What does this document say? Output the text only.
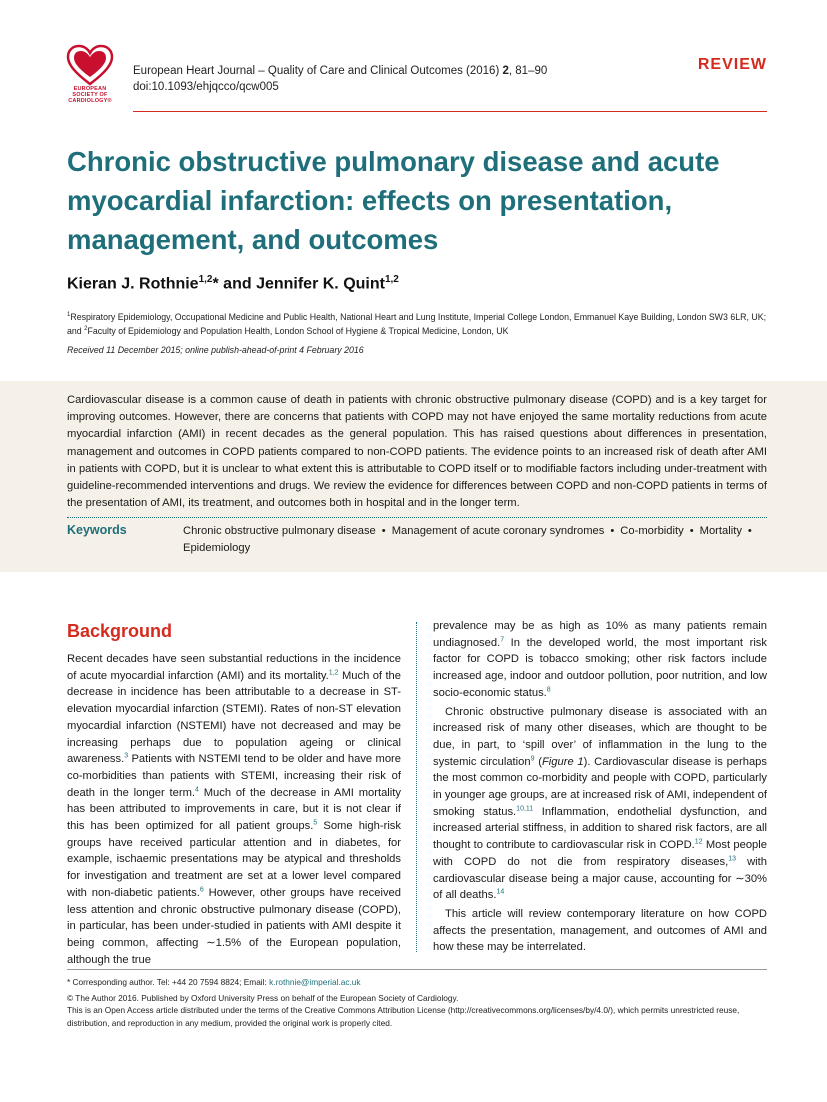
EUROPEAN
SOCIETY OF
CARDIOLOGY®
European Heart Journal – Quality of Care and Clinical Outcomes (2016) 2, 81–90
doi:10.1093/ehjqcco/qcw005
REVIEW
Chronic obstructive pulmonary disease and acute myocardial infarction: effects on presentation, management, and outcomes
Kieran J. Rothnie$^{1,2}$* and Jennifer K. Quint$^{1,2}$
$^1$Respiratory Epidemiology, Occupational Medicine and Public Health, National Heart and Lung Institute, Imperial College London, Emmanuel Kaye Building, London SW3 6LR, UK; and $^2$Faculty of Epidemiology and Population Health, London School of Hygiene & Tropical Medicine, London, UK
Received 11 December 2015; online publish-ahead-of-print 4 February 2016
Cardiovascular disease is a common cause of death in patients with chronic obstructive pulmonary disease (COPD) and is a key target for improving outcomes. However, there are concerns that patients with COPD may not have enjoyed the same mortality reductions from acute myocardial infarction (AMI) in recent decades as the general population. This has raised questions about differences in presentation, management and outcomes in COPD patients compared to non-COPD patients. The evidence points to an increased risk of death after AMI in patients with COPD, but it is unclear to what extent this is attributable to COPD itself or to modifiable factors including under-treatment with guideline-recommended interventions and drugs. We review the evidence for differences between COPD and non-COPD patients in terms of the presentation of AMI, its treatment, and outcomes both in hospital and in the longer term.
Keywords	Chronic obstructive pulmonary disease • Management of acute coronary syndromes • Co-morbidity • Mortality •
Epidemiology
Background

Recent decades have seen substantial reductions in the incidence of acute myocardial infarction (AMI) and its mortality.$^{1,2}$ Much of the decrease in incidence has been attributable to a decrease in ST-elevation myocardial infarction (STEMI). Rates of non-ST elevation myocardial infarction (NSTEMI) have not decreased and may be increasing perhaps due to population ageing or clinical awareness.$^3$ Patients with NSTEMI tend to be older and have more co-morbidities than patients with STEMI, increasing their risk of death in the longer term.$^4$ Much of the decrease in AMI mortality has been attributed to improvements in care, but it is not clear if this has been optimized for all patient groups.$^5$ Some high-risk groups have received particular attention and in diabetes, for example, ischaemic presentations may be atypical and thresholds for investigation and treatment are set at a lower level compared with non-diabetic patients.$^6$ However, other groups have received less attention and chronic obstructive pulmonary disease (COPD), in particular, has been under-studied in patients with AMI despite it being common, affecting ∼1.5% of the European population, although the true

prevalence may be as high as 10% as many patients remain undiagnosed.$^7$ In the developed world, the most important risk factor for COPD is tobacco smoking; other risk factors include increased age, indoor and outdoor pollution, poor nutrition, and low socio-economic status.$^8$

Chronic obstructive pulmonary disease is associated with an increased risk of many other diseases, which are thought to be due, in part, to ‘spill over’ of inflammation in the lung to the systemic circulation$^9$ (Figure 1). Cardiovascular disease is perhaps the most common co-morbidity and people with COPD, particularly in younger age groups, are at increased risk of AMI, independent of smoking status.$^{10,11}$ Inflammation, endothelial dysfunction, and increased arterial stiffness, in addition to shared risk factors, are all thought to contribute to cardiovascular risk in COPD.$^{12}$ Most people with COPD do not die from respiratory diseases,$^{13}$ with cardiovascular disease being a major cause, accounting for ∼30% of all deaths.$^{14}$

This article will review contemporary literature on how COPD affects the presentation, management, and outcomes of AMI and how these may be interrelated.

* Corresponding author. Tel: +44 20 7594 8824; Email: k.rothnie@imperial.ac.uk

© The Author 2016. Published by Oxford University Press on behalf of the European Society of Cardiology.

This is an Open Access article distributed under the terms of the Creative Commons Attribution License (http://creativecommons.org/licenses/by/4.0/), which permits unrestricted reuse, distribution, and reproduction in any medium, provided the original work is properly cited.
